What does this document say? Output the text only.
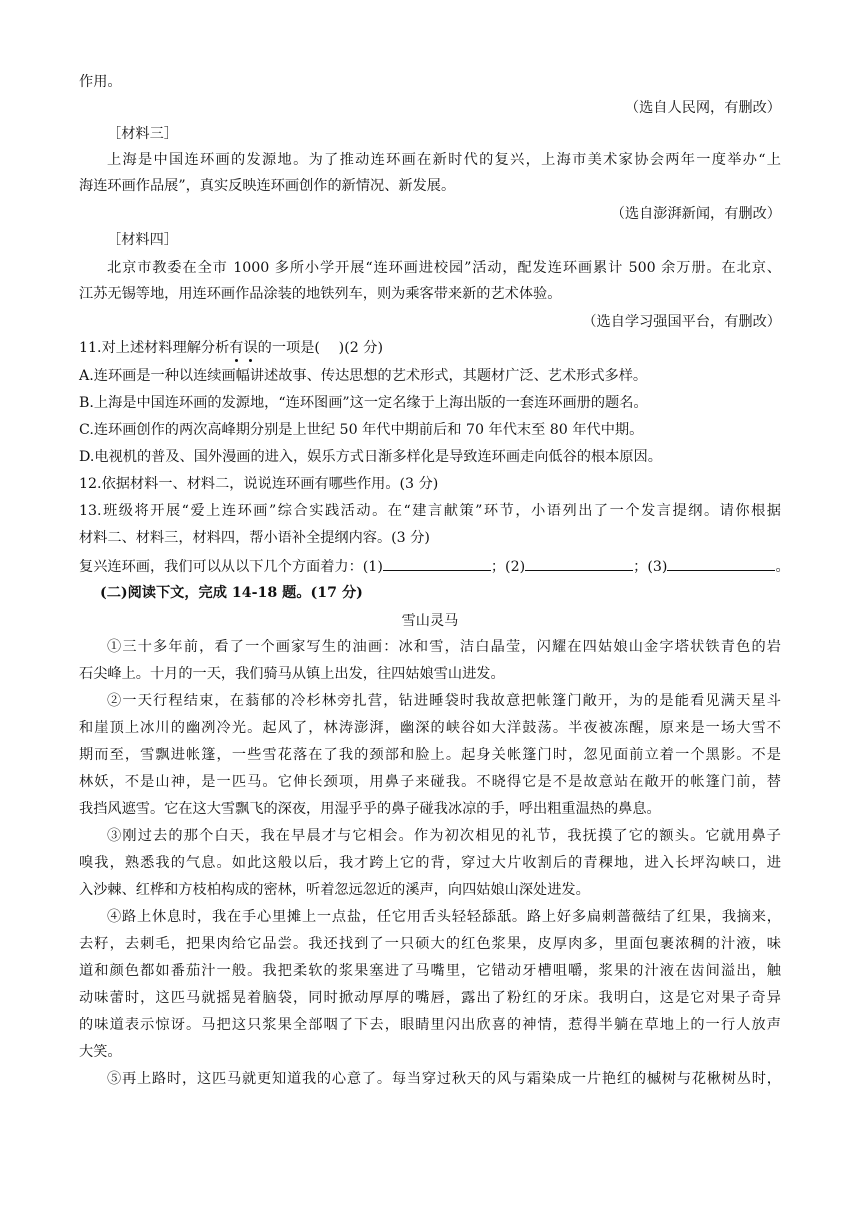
作用。
（选自人民网，有删改）
［材料三］
上海是中国连环画的发源地。为了推动连环画在新时代的复兴，上海市美术家协会两年一度举办“上
海连环画作品展”，真实反映连环画创作的新情况、新发展。
（选自澎湃新闻，有删改）
［材料四］
北京市教委在全市 1000 多所小学开展“连环画进校园”活动，配发连环画累计 500 余万册。在北京、
江苏无锡等地，用连环画作品涂装的地铁列车，则为乘客带来新的艺术体验。
（选自学习强国平台，有删改）
11.对上述材料理解分析有
误
的一项是(　 )(2 分)
A.连环画是一种以连续画幅讲述故事、传达思想的艺术形式，其题材广泛、艺术形式多样。
B.上海是中国连环画的发源地，“连环图画”这一定名缘于上海出版的一套连环画册的题名。
C.连环画创作的两次高峰期分别是上世纪 50 年代中期前后和 70 年代末至 80 年代中期。
D.电视机的普及、国外漫画的进入，娱乐方式日渐多样化是导致连环画走向低谷的根本原因。
12.依据材料一、材料二，说说连环画有哪些作用。(3 分)
13.班级将开展“爱上连环画”综合实践活动。在“建言献策”环节，小语列出了一个发言提纲。请你根据
材料二、材料三，材料四，帮小语补全提纲内容。(3 分)
复兴连环画，我们可以从以下几个方面着力：(1)	；(2)	；(3)	。
(二)阅读下文，完成 14-18 题。(17 分)
雪山灵马
①三十多年前，看了一个画家写生的油画：冰和雪，洁白晶莹，闪耀在四姑娘山金字塔状铁青色的岩
石尖峰上。十月的一天，我们骑马从镇上出发，往四姑娘雪山进发。
②一天行程结束，在蓊郁的冷杉林旁扎营，钻进睡袋时我故意把帐篷门敞开，为的是能看见满天星斗
和崖顶上冰川的幽冽冷光。起风了，林涛澎湃，幽深的峡谷如大洋鼓荡。半夜被冻醒，原来是一场大雪不
期而至，雪飘进帐篷，一些雪花落在了我的颈部和脸上。起身关帐篷门时，忽见面前立着一个黑影。不是
林妖，不是山神，是一匹马。它伸长颈项，用鼻子来碰我。不晓得它是不是故意站在敞开的帐篷门前，替
我挡风遮雪。它在这大雪飘飞的深夜，用湿乎乎的鼻子碰我冰凉的手，呼出粗重温热的鼻息。
③刚过去的那个白天，我在早晨才与它相会。作为初次相见的礼节，我抚摸了它的额头。它就用鼻子
嗅我，熟悉我的气息。如此这般以后，我才跨上它的背，穿过大片收割后的青稞地，进入长坪沟峡口，进
入沙棘、红桦和方枝柏构成的密林，听着忽远忽近的溪声，向四姑娘山深处进发。
④路上休息时，我在手心里摊上一点盐，任它用舌头轻轻舔舐。路上好多扁刺蔷薇结了红果，我摘来，
去籽，去刺毛，把果肉给它品尝。我还找到了一只硕大的红色浆果，皮厚肉多，里面包裹浓稠的汁液，味
道和颜色都如番茄汁一般。我把柔软的浆果塞进了马嘴里，它错动牙槽咀嚼，浆果的汁液在齿间溢出，触
动味蕾时，这匹马就摇晃着脑袋，同时掀动厚厚的嘴唇，露出了粉红的牙床。我明白，这是它对果子奇异
的味道表示惊讶。马把这只浆果全部咽了下去，眼睛里闪出欣喜的神情，惹得半躺在草地上的一行人放声
大笑。
⑤再上路时，这匹马就更知道我的心意了。每当穿过秋天的风与霜染成一片艳红的槭树与花楸树丛时，
